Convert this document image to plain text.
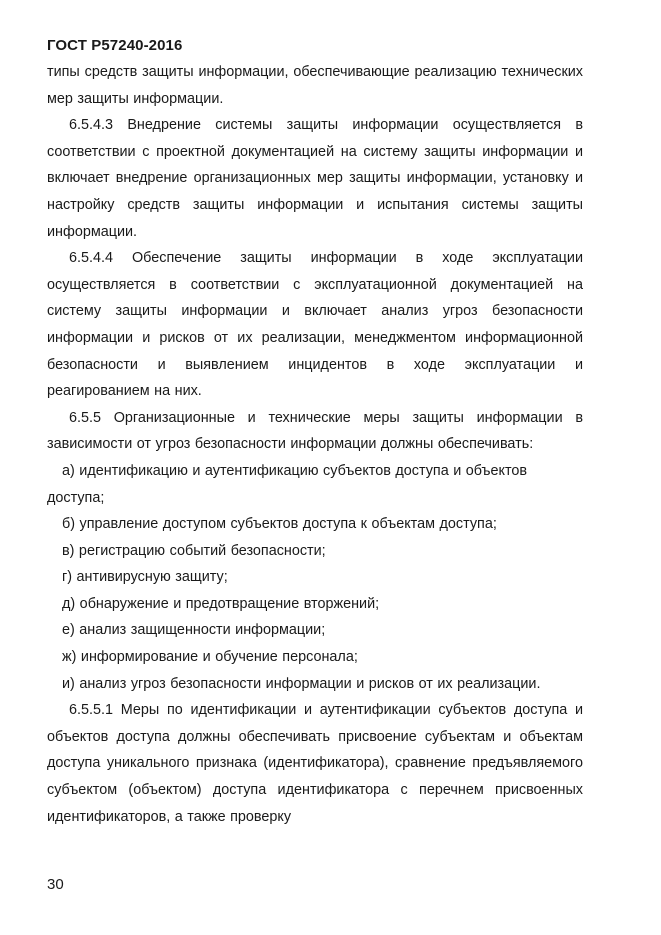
ГОСТ Р57240-2016

типы средств защиты информации, обеспечивающие реализацию технических мер защиты информации.

6.5.4.3 Внедрение системы защиты информации осуществляется в соответствии с проектной документацией на систему защиты информации и включает внедрение организационных мер защиты информации, установку и настройку средств защиты информации и испытания системы защиты информации.

6.5.4.4 Обеспечение защиты информации в ходе эксплуатации осуществляется в соответствии с эксплуатационной документацией на систему защиты информации и включает анализ угроз безопасности информации и рисков от их реализации, менеджментом информационной безопасности и выявлением инцидентов в ходе эксплуатации и реагированием на них.

6.5.5 Организационные и технические меры защиты информации в зависимости от угроз безопасности информации должны обеспечивать:

а) идентификацию и аутентификацию субъектов доступа и объектов доступа;

б) управление доступом субъектов доступа к объектам доступа;

в) регистрацию событий безопасности;

г) антивирусную защиту;

д) обнаружение и предотвращение вторжений;

е) анализ защищенности информации;

ж) информирование и обучение персонала;

и) анализ угроз безопасности информации и рисков от их реализации.

6.5.5.1 Меры по идентификации и аутентификации субъектов доступа и объектов доступа должны обеспечивать присвоение субъектам и объектам доступа уникального признака (идентификатора), сравнение предъявляемого субъектом (объектом) доступа идентификатора с перечнем присвоенных идентификаторов, а также проверку

30
